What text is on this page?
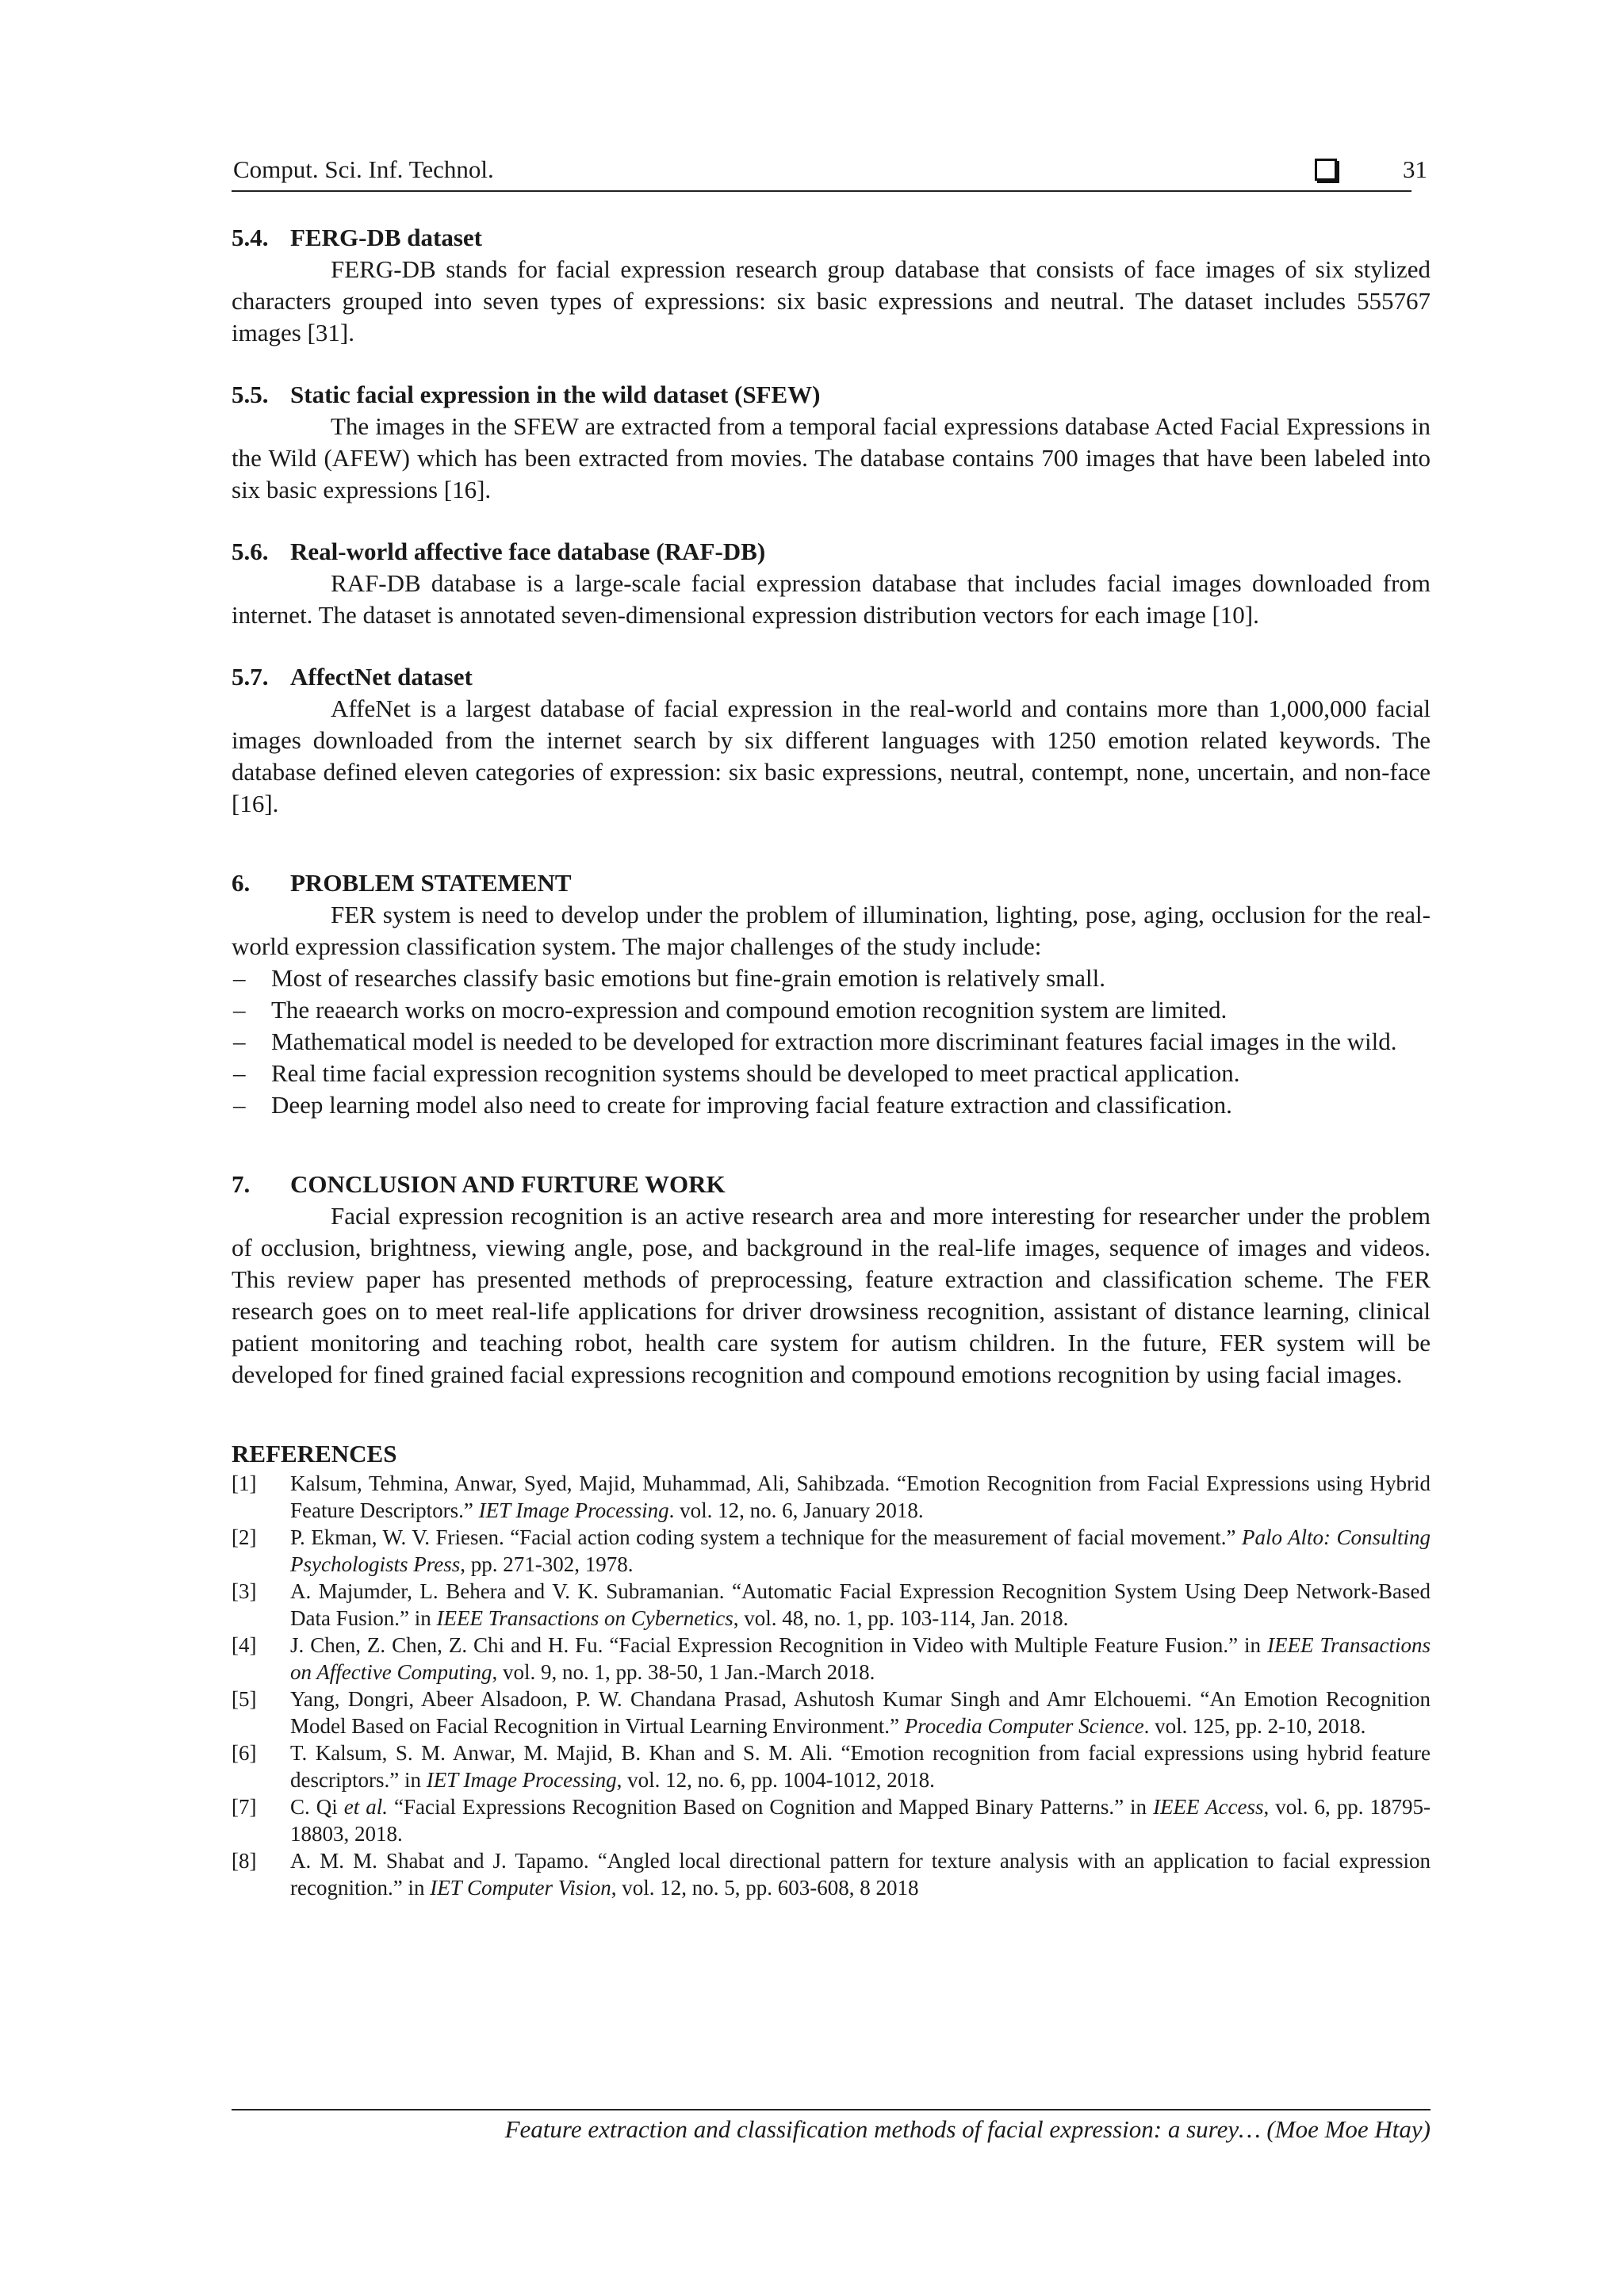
Comput. Sci. Inf. Technol.	31

5.4. FERG-DB dataset

FERG-DB stands for facial expression research group database that consists of face images of six stylized characters grouped into seven types of expressions: six basic expressions and neutral. The dataset includes 555767 images [31].

5.5. Static facial expression in the wild dataset (SFEW)

The images in the SFEW are extracted from a temporal facial expressions database Acted Facial Expressions in the Wild (AFEW) which has been extracted from movies. The database contains 700 images that have been labeled into six basic expressions [16].

5.6. Real-world affective face database (RAF-DB)

RAF-DB database is a large-scale facial expression database that includes facial images downloaded from internet. The dataset is annotated seven-dimensional expression distribution vectors for each image [10].

5.7. AffectNet dataset

AffeNet is a largest database of facial expression in the real-world and contains more than 1,000,000 facial images downloaded from the internet search by six different languages with 1250 emotion related keywords. The database defined eleven categories of expression: six basic expressions, neutral, contempt, none, uncertain, and non-face [16].

6. PROBLEM STATEMENT

FER system is need to develop under the problem of illumination, lighting, pose, aging, occlusion for the real-world expression classification system. The major challenges of the study include:

– Most of researches classify basic emotions but fine-grain emotion is relatively small.
– The reaearch works on mocro-expression and compound emotion recognition system are limited.
– Mathematical model is needed to be developed for extraction more discriminant features facial images in the wild.
– Real time facial expression recognition systems should be developed to meet practical application.
– Deep learning model also need to create for improving facial feature extraction and classification.

7. CONCLUSION AND FURTURE WORK

Facial expression recognition is an active research area and more interesting for researcher under the problem of occlusion, brightness, viewing angle, pose, and background in the real-life images, sequence of images and videos. This review paper has presented methods of preprocessing, feature extraction and classification scheme. The FER research goes on to meet real-life applications for driver drowsiness recognition, assistant of distance learning, clinical patient monitoring and teaching robot, health care system for autism children. In the future, FER system will be developed for fined grained facial expressions recognition and compound emotions recognition by using facial images.

REFERENCES

[1] Kalsum, Tehmina, Anwar, Syed, Majid, Muhammad, Ali, Sahibzada. “Emotion Recognition from Facial Expressions using Hybrid Feature Descriptors.” IET Image Processing. vol. 12, no. 6, January 2018.
[2] P. Ekman, W. V. Friesen. “Facial action coding system a technique for the measurement of facial movement.” Palo Alto: Consulting Psychologists Press, pp. 271-302, 1978.
[3] A. Majumder, L. Behera and V. K. Subramanian. “Automatic Facial Expression Recognition System Using Deep Network-Based Data Fusion.” in IEEE Transactions on Cybernetics, vol. 48, no. 1, pp. 103-114, Jan. 2018.
[4] J. Chen, Z. Chen, Z. Chi and H. Fu. “Facial Expression Recognition in Video with Multiple Feature Fusion.” in IEEE Transactions on Affective Computing, vol. 9, no. 1, pp. 38-50, 1 Jan.-March 2018.
[5] Yang, Dongri, Abeer Alsadoon, P. W. Chandana Prasad, Ashutosh Kumar Singh and Amr Elchouemi. “An Emotion Recognition Model Based on Facial Recognition in Virtual Learning Environment.” Procedia Computer Science. vol. 125, pp. 2-10, 2018.
[6] T. Kalsum, S. M. Anwar, M. Majid, B. Khan and S. M. Ali. “Emotion recognition from facial expressions using hybrid feature descriptors.” in IET Image Processing, vol. 12, no. 6, pp. 1004-1012, 2018.
[7] C. Qi et al. “Facial Expressions Recognition Based on Cognition and Mapped Binary Patterns.” in IEEE Access, vol. 6, pp. 18795-18803, 2018.
[8] A. M. M. Shabat and J. Tapamo. “Angled local directional pattern for texture analysis with an application to facial expression recognition.” in IET Computer Vision, vol. 12, no. 5, pp. 603-608, 8 2018
Feature extraction and classification methods of facial expression: a surey… (Moe Moe Htay)
